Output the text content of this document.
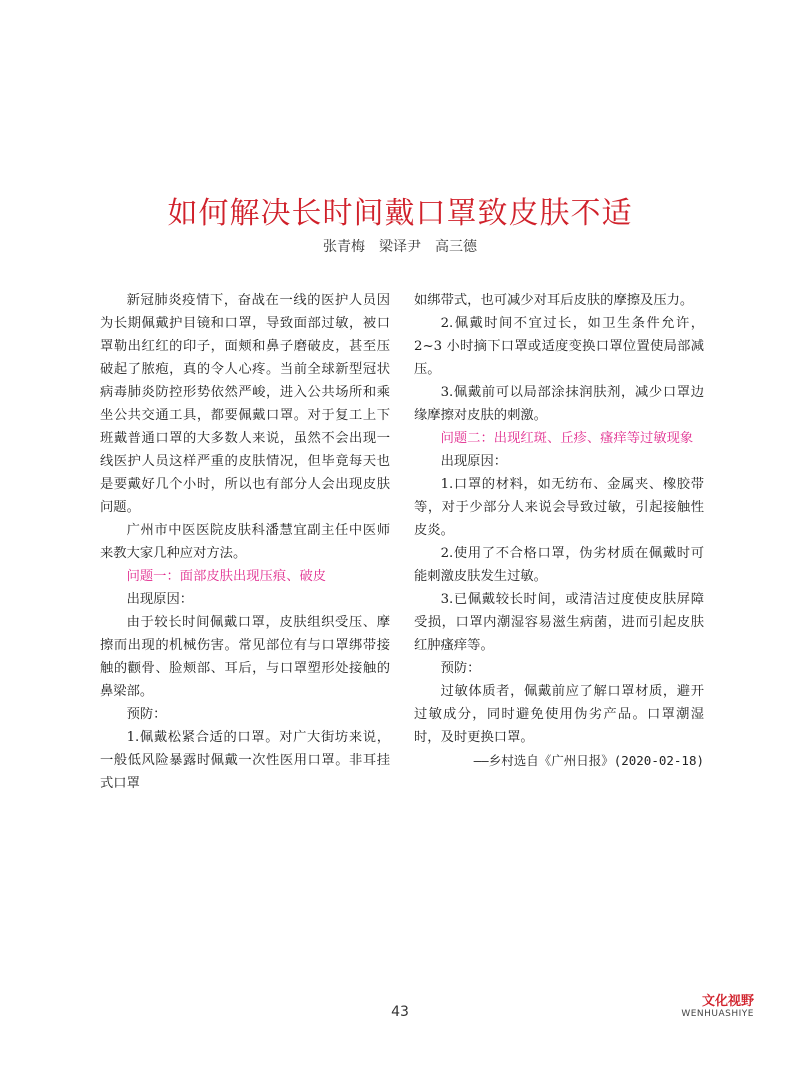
如何解决长时间戴口罩致皮肤不适
张青梅　梁译尹　高三德

新冠肺炎疫情下，奋战在一线的医护人员因为长期佩戴护目镜和口罩，导致面部过敏，被口罩勒出红红的印子，面颊和鼻子磨破皮，甚至压破起了脓疱，真的令人心疼。当前全球新型冠状病毒肺炎防控形势依然严峻，进入公共场所和乘坐公共交通工具，都要佩戴口罩。对于复工上下班戴普通口罩的大多数人来说，虽然不会出现一线医护人员这样严重的皮肤情况，但毕竟每天也是要戴好几个小时，所以也有部分人会出现皮肤问题。

广州市中医医院皮肤科潘慧宜副主任中医师来教大家几种应对方法。

问题一：面部皮肤出现压痕、破皮

出现原因：

由于较长时间佩戴口罩，皮肤组织受压、摩擦而出现的机械伤害。常见部位有与口罩绑带接触的颧骨、脸颊部、耳后，与口罩塑形处接触的鼻梁部。

预防：

1.佩戴松紧合适的口罩。对广大街坊来说，一般低风险暴露时佩戴一次性医用口罩。非耳挂式口罩

如绑带式，也可减少对耳后皮肤的摩擦及压力。

2.佩戴时间不宜过长，如卫生条件允许，2~3 小时摘下口罩或适度变换口罩位置使局部减压。

3.佩戴前可以局部涂抹润肤剂，减少口罩边缘摩擦对皮肤的刺激。

问题二：出现红斑、丘疹、瘙痒等过敏现象

出现原因：

1.口罩的材料，如无纺布、金属夹、橡胶带等，对于少部分人来说会导致过敏，引起接触性皮炎。

2.使用了不合格口罩，伪劣材质在佩戴时可能刺激皮肤发生过敏。

3.已佩戴较长时间，或清洁过度使皮肤屏障受损，口罩内潮湿容易滋生病菌，进而引起皮肤红肿瘙痒等。

预防：

过敏体质者，佩戴前应了解口罩材质，避开过敏成分，同时避免使用伪劣产品。口罩潮湿时，及时更换口罩。

——乡村选自《广州日报》(2020-02-18)

43
文化视野
WENHUASHIYE
